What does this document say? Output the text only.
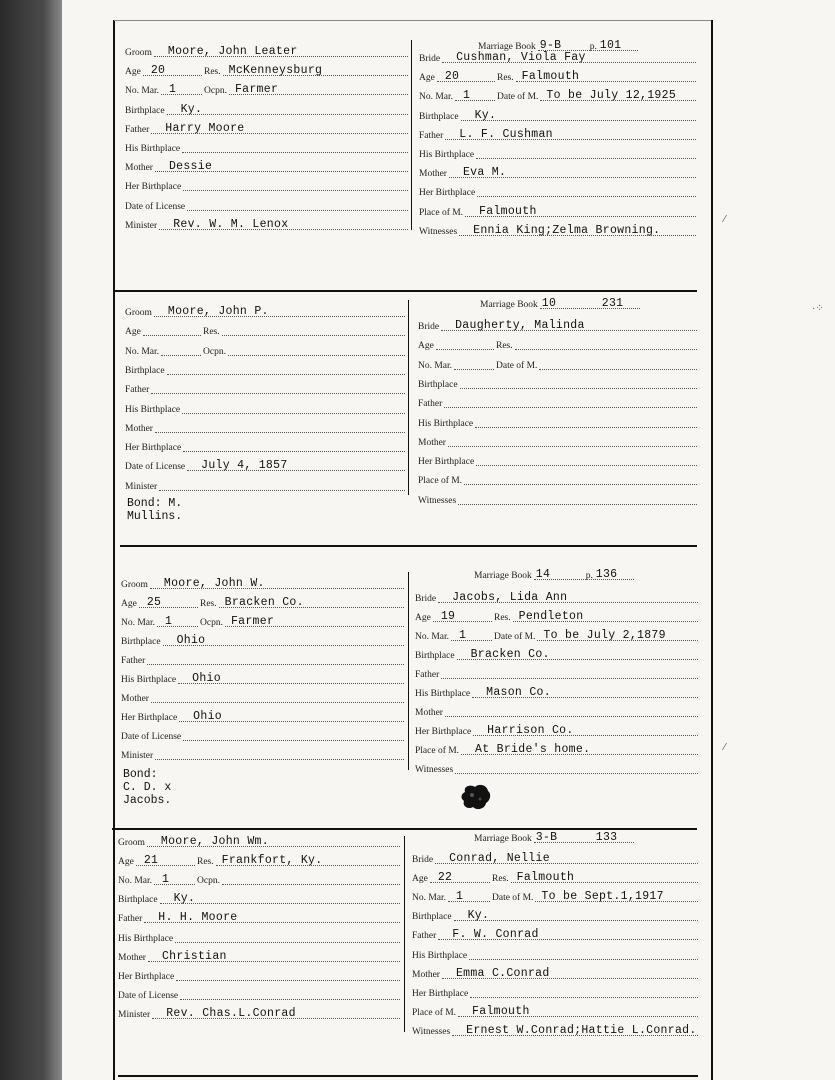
⁄
·⁘
⁄
Groom Moore, John Leater
Age 20	Res. McKenneysburg
No. Mar. 1	Ocpn. Farmer
Birthplace Ky.
Father Harry Moore
His Birthplace
Mother Dessie
Her Birthplace
Date of License
Minister Rev. W. M. Lenox
Marriage Book 9-B	p. 101
Bride Cushman, Viola Fay
Age 20	Res. Falmouth
No. Mar. 1	Date of M. To be July 12,1925
Birthplace Ky.
Father L. F. Cushman
His Birthplace
Mother Eva M.
Her Birthplace
Place of M. Falmouth
Witnesses Ennia King;Zelma Browning.
Groom Moore, John P.
Age	Res.
No. Mar.	Ocpn.
Birthplace
Father
His Birthplace
Mother
Her Birthplace
Date of License July 4, 1857
Minister
Marriage Book 10	231
Bride Daugherty, Malinda
Age	Res.
No. Mar.	Date of M.
Birthplace
Father
His Birthplace
Mother
Her Birthplace
Place of M.
Witnesses
Bond: M. Mullins.
Groom Moore, John W.
Age 25	Res. Bracken Co.
No. Mar. 1	Ocpn. Farmer
Birthplace Ohio
Father
His Birthplace Ohio
Mother
Her Birthplace Ohio
Date of License
Minister
Marriage Book 14	p. 136
Bride Jacobs, Lida Ann
Age 19	Res. Pendleton
No. Mar. 1	Date of M. To be July 2,1879
Birthplace Bracken Co.
Father
His Birthplace Mason Co.
Mother
Her Birthplace Harrison Co.
Place of M. At Bride's home.
Witnesses
Bond: C. D. x Jacobs.
Groom Moore, John Wm.
Age 21	Res. Frankfort, Ky.
No. Mar. 1	Ocpn.
Birthplace Ky.
Father H. H. Moore
His Birthplace
Mother Christian
Her Birthplace
Date of License
Minister Rev. Chas.L.Conrad
Marriage Book 3-B	133
Bride Conrad, Nellie
Age 22	Res. Falmouth
No. Mar. 1	Date of M. To be Sept.1,1917
Birthplace Ky.
Father F. W. Conrad
His Birthplace
Mother Emma C.Conrad
Her Birthplace
Place of M. Falmouth
Witnesses Ernest W.Conrad;Hattie L.Conrad.
